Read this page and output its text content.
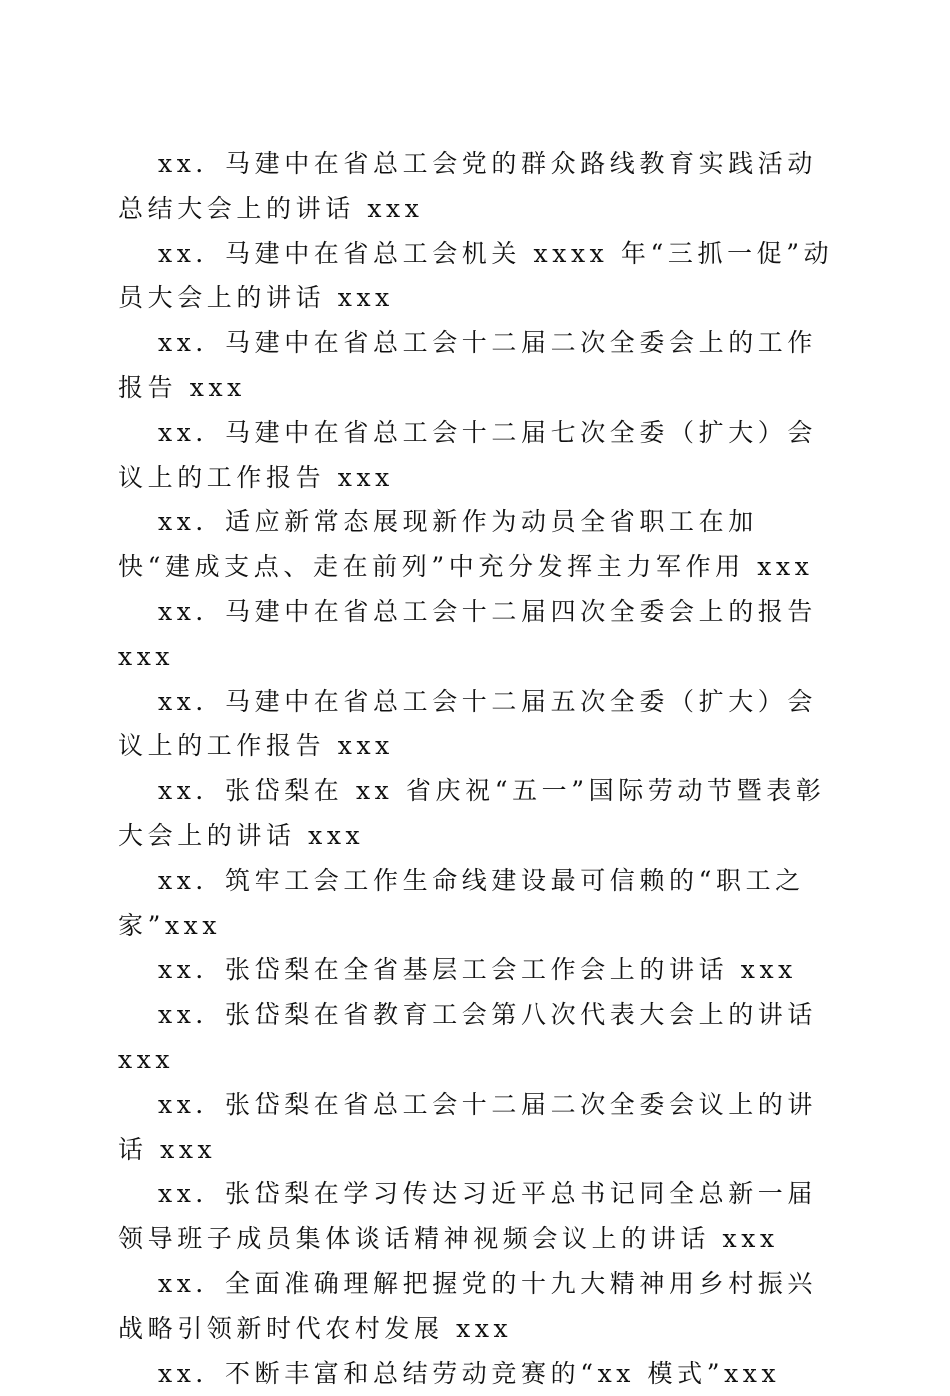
xx．马建中在省总工会党的群众路线教育实践活动总结大会上的讲话 xxx

xx．马建中在省总工会机关 xxxx 年“三抓一促”动员大会上的讲话 xxx

xx．马建中在省总工会十二届二次全委会上的工作报告 xxx

xx．马建中在省总工会十二届七次全委（扩大）会议上的工作报告 xxx

xx．适应新常态展现新作为动员全省职工在加快“建成支点、走在前列”中充分发挥主力军作用 xxx

xx．马建中在省总工会十二届四次全委会上的报告 xxx

xx．马建中在省总工会十二届五次全委（扩大）会议上的工作报告 xxx

xx．张岱梨在 xx 省庆祝“五一”国际劳动节暨表彰大会上的讲话 xxx

xx．筑牢工会工作生命线建设最可信赖的“职工之家”xxx

xx．张岱梨在全省基层工会工作会上的讲话 xxx

xx．张岱梨在省教育工会第八次代表大会上的讲话 xxx

xx．张岱梨在省总工会十二届二次全委会议上的讲话 xxx

xx．张岱梨在学习传达习近平总书记同全总新一届领导班子成员集体谈话精神视频会议上的讲话 xxx

xx．全面准确理解把握党的十九大精神用乡村振兴战略引领新时代农村发展 xxx

xx．不断丰富和总结劳动竞赛的“xx 模式”xxx
